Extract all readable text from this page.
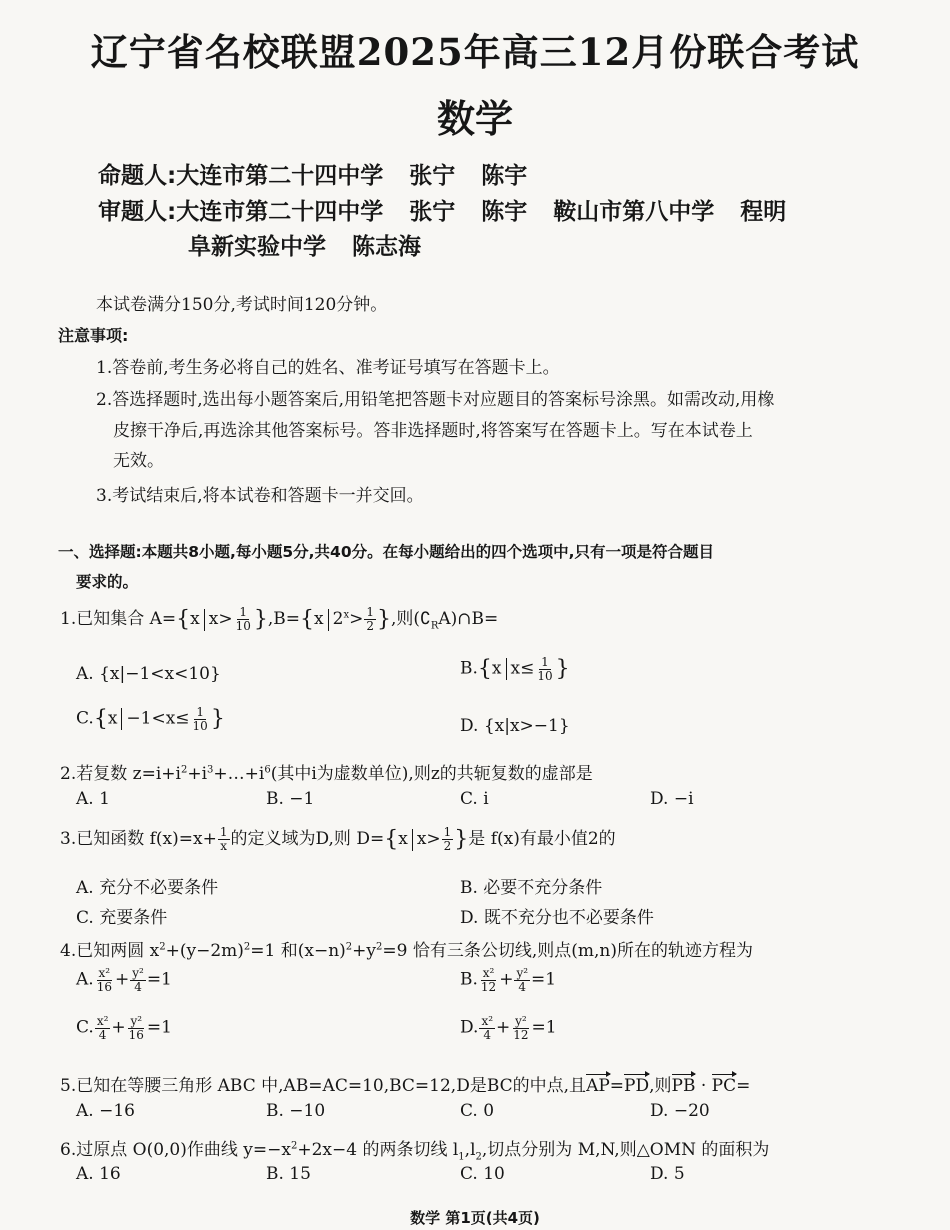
辽宁省名校联盟2025年高三12月份联合考试
数学
命题人:大连市第二十四中学 张宁 陈宇
审题人:大连市第二十四中学 张宁 陈宇 鞍山市第八中学 程明
阜新实验中学 陈志海
本试卷满分150分,考试时间120分钟。
注意事项:
1.答卷前,考生务必将自己的姓名、准考证号填写在答题卡上。
2.答选择题时,选出每小题答案后,用铅笔把答题卡对应题目的答案标号涂黑。如需改动,用橡
皮擦干净后,再选涂其他答案标号。答非选择题时,将答案写在答题卡上。写在本试卷上
无效。
3.考试结束后,将本试卷和答题卡一并交回。
一、选择题:本题共8小题,每小题5分,共40分。在每小题给出的四个选项中,只有一项是符合题目
要求的。
1.已知集合 A={x $x> \frac{1}{10} \},B=\{x$ $2^x> \frac{1}{2}$ },则$(∁_RA)\cap B=$
A. {x|−1<x<10}	B.{x $x\le \frac{1}{10}$ }
$C.\{x -1<x\le \frac{1}{10}$ }	D. {x|x>−1}
2.若复数 $z=i+i^2+i^3+\dots+i^6$(其中i为虚数单位),则z的共轭复数的虚部是
A. 1	B. −1	C. i	D. −i
3.已知函数 $f(x)=x+ \frac{1}{x}$ 的定义域为D,则 D={x $x> \frac{1}{2}$ }是 f(x)有最小值2的
A. 充分不必要条件	B. 必要不充分条件
C. 充要条件	D. 既不充分也不必要条件
4.已知两圆 $x^2+(y-2m)^2=1$ 和$(x-n)^2+y^2=9$ 恰有三条公切线,则点(m,n)所在的轨迹方程为
A. $\frac{\text{x²}}{16} + \frac{\text{y²}}{4} =1$	B. $\frac{\text{x²}}{12} + \frac{\text{y²}}{4} =1$
C. $\frac{\text{x²}}{4} + \frac{\text{y²}}{16} =1$	D. $\frac{\text{x²}}{4} + \frac{\text{y²}}{12} =1$
5.已知在等腰三角形 ABC 中,AB=AC=10,BC=12,D是BC的中点,且AP=PD,则PB · PC=
A. −16	B. −10	C. 0	D. −20
6.过原点 O(0,0)作曲线 $y=-x^2+2x-4$ 的两条切线 $l_1,l_2$,切点分别为 M,N,则△OMN 的面积为
A. 16	B. 15	C. 10	D. 5
数学 第1页(共4页)
